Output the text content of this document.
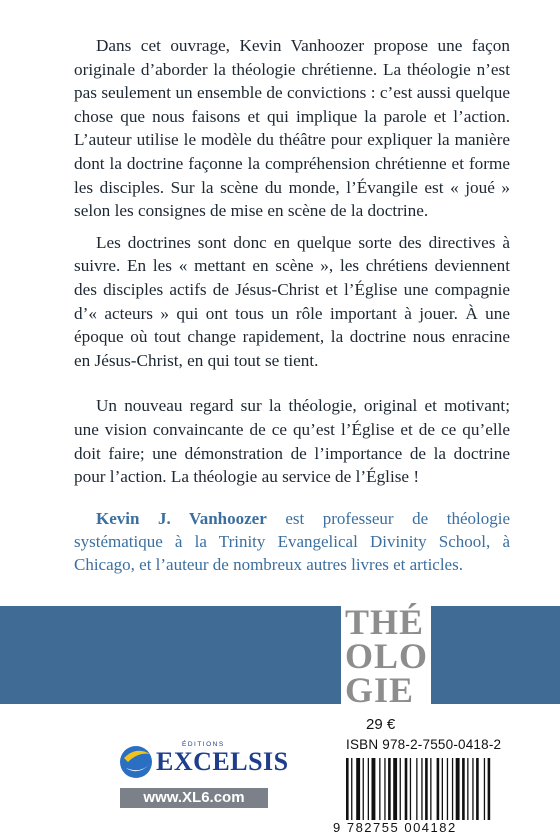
Dans cet ouvrage, Kevin Vanhoozer propose une façon originale d’aborder la théologie chrétienne. La théologie n’est pas seulement un ensemble de convictions : c’est aussi quelque chose que nous faisons et qui implique la parole et l’action. L’auteur utilise le modèle du théâtre pour expliquer la manière dont la doctrine façonne la compréhension chrétienne et forme les disciples. Sur la scène du monde, l’Évangile est « joué » selon les consignes de mise en scène de la doctrine.

Les doctrines sont donc en quelque sorte des directives à suivre. En les « mettant en scène », les chrétiens deviennent des disciples actifs de Jésus-Christ et l’Église une compagnie d’« acteurs » qui ont tous un rôle important à jouer. À une époque où tout change rapidement, la doctrine nous enracine en Jésus-Christ, en qui tout se tient.

Un nouveau regard sur la théologie, original et motivant; une vision convaincante de ce qu’est l’Église et de ce qu’elle doit faire; une démonstration de l’importance de la doctrine pour l’action. La théologie au service de l’Église !

Kevin J. Vanhoozer est professeur de théologie systématique à la Trinity Evangelical Divinity School, à Chicago, et l’auteur de nombreux autres livres et articles.
THÉ
OLO
GIE
ÉDITIONS
EXCELSIS
www.XL6.com
29 €
ISBN 978-2-7550-0418-2
9 782755 004182
